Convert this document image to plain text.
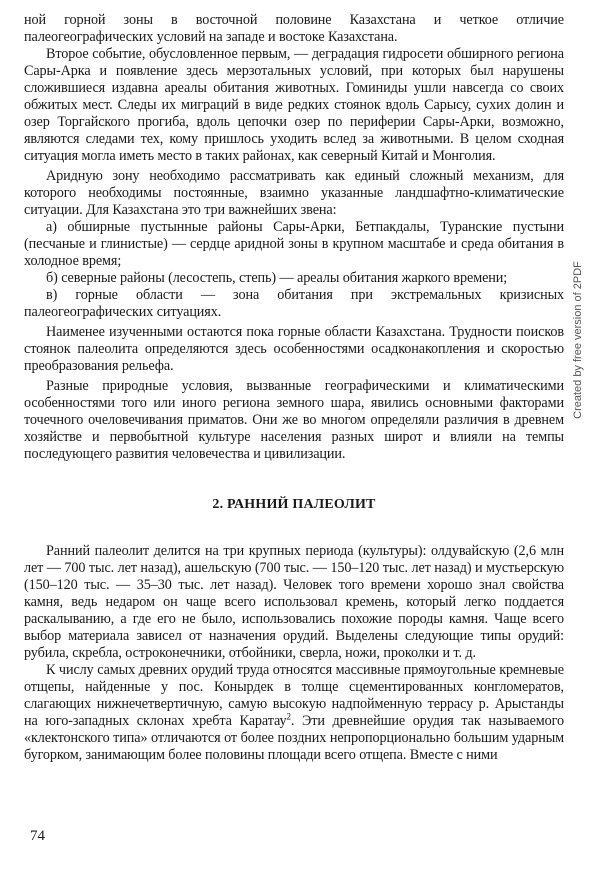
ной горной зоны в восточной половине Казахстана и четкое отличие палеогеографических условий на западе и востоке Казахстана.

Второе событие, обусловленное первым, — деградация гидросети обширного региона Сары-Арка и появление здесь мерзотальных условий, при которых был нарушены сложившиеся издавна ареалы обитания животных. Гоминиды ушли навсегда со своих обжитых мест. Следы их миграций в виде редких стоянок вдоль Сарысу, сухих долин и озер Торгайского прогиба, вдоль цепочки озер по периферии Сары-Арки, возможно, являются следами тех, кому пришлось уходить вслед за животными. В целом сходная ситуация могла иметь место в таких районах, как северный Китай и Монголия.

Аридную зону необходимо рассматривать как единый сложный механизм, для которого необходимы постоянные, взаимно указанные ландшафтно-климатические ситуации. Для Казахстана это три важнейших звена:

а) обширные пустынные районы Сары-Арки, Бетпакдалы, Туранские пустыни (песчаные и глинистые) — сердце аридной зоны в крупном масштабе и среда обитания в холодное время;

б) северные районы (лесостепь, степь) — ареалы обитания жаркого времени;

в) горные области — зона обитания при экстремальных кризисных палеогеографических ситуациях.

Наименее изученными остаются пока горные области Казахстана. Трудности поисков стоянок палеолита определяются здесь особенностями осадконакопления и скоростью преобразования рельефа.

Разные природные условия, вызванные географическими и климатическими особенностями того или иного региона земного шара, явились основными факторами точечного очеловечивания приматов. Они же во многом определяли различия в древнем хозяйстве и первобытной культуре населения разных широт и влияли на темпы последующего развития человечества и цивилизации.

2. РАННИЙ ПАЛЕОЛИТ

Ранний палеолит делится на три крупных периода (культуры): олдувайскую (2,6 млн лет — 700 тыс. лет назад), ашельскую (700 тыс. — 150–120 тыс. лет назад) и мустьерскую (150–120 тыс. — 35–30 тыс. лет назад). Человек того времени хорошо знал свойства камня, ведь недаром он чаще всего использовал кремень, который легко поддается раскалыванию, а где его не было, использовались похожие породы камня. Чаще всего выбор материала зависел от назначения орудий. Выделены следующие типы орудий: рубила, скребла, остроконечники, отбойники, сверла, ножи, проколки и т. д.

К числу самых древних орудий труда относятся массивные прямоугольные кремневые отщепы, найденные у пос. Конырдек в толще сцементированных конгломератов, слагающих нижнечетвертичную, самую высокую надпойменную террасу р. Арыстанды на юго-западных склонах хребта Каратау$^2$. Эти древнейшие орудия так называемого «клектонского типа» отличаются от более поздних непропорционально большим ударным бугорком, занимающим более половины площади всего отщепа. Вместе с ними

74
Created by free version of 2PDF
